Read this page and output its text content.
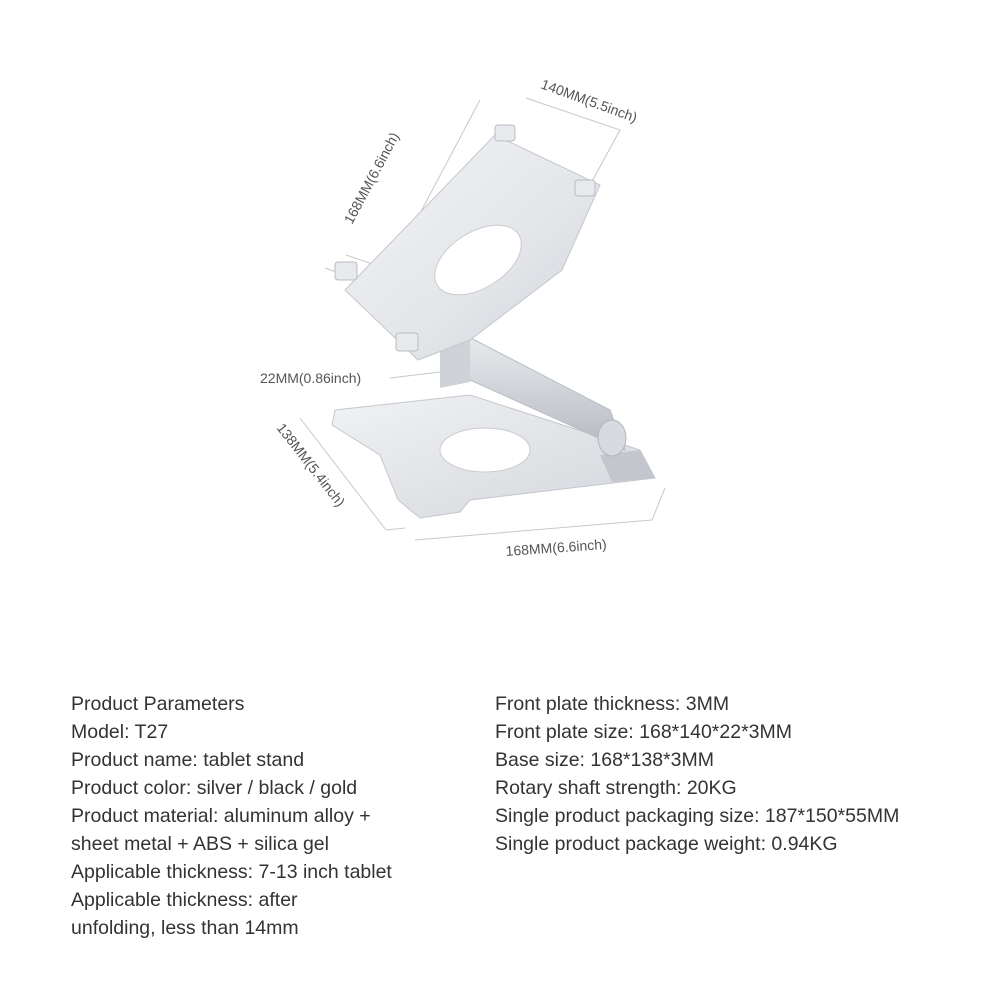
140MM(5.5inch)
168MM(6.6inch)
22MM(0.86inch)
138MM(5.4inch)
168MM(6.6inch)
Product Parameters
Model: T27
Product name: tablet stand
Product color: silver / black / gold
Product material: aluminum alloy +
sheet metal + ABS + silica gel
Applicable thickness: 7-13 inch tablet
Applicable thickness: after
unfolding, less than 14mm
Front plate thickness: 3MM
Front plate size: 168*140*22*3MM
Base size: 168*138*3MM
Rotary shaft strength: 20KG
Single product packaging size: 187*150*55MM
Single product package weight: 0.94KG
